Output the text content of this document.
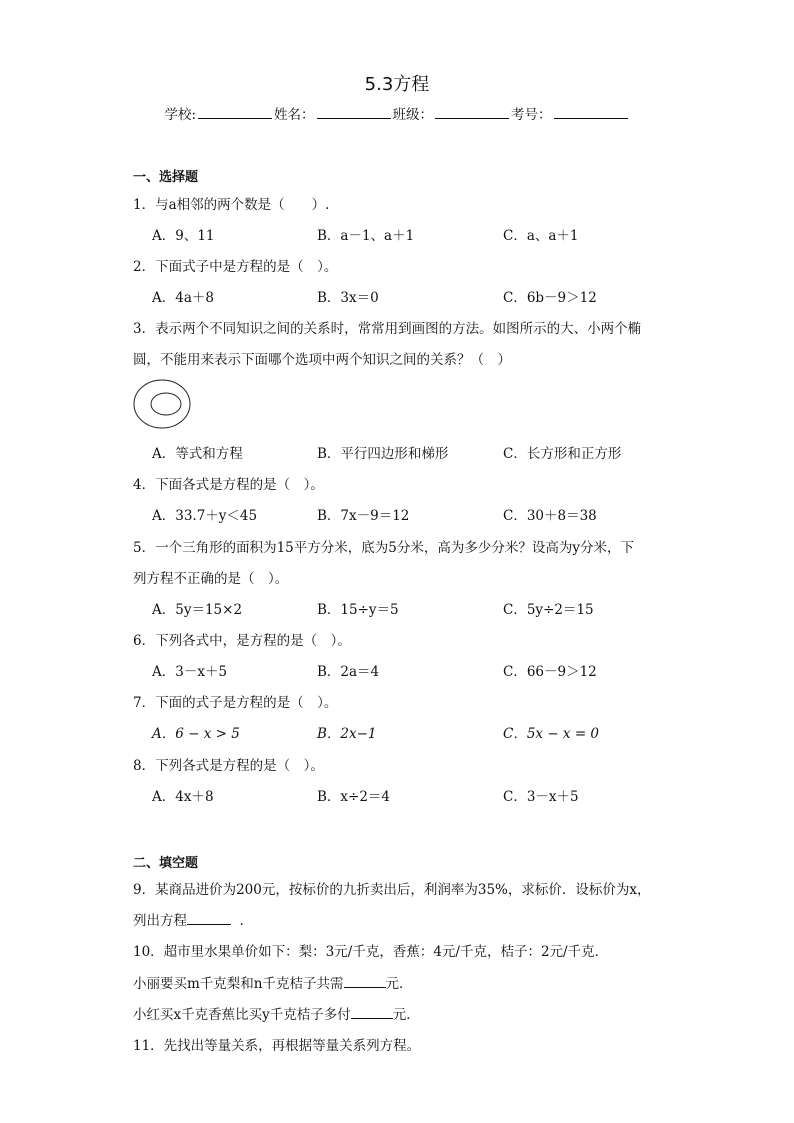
5.3方程
学校:	姓名：	班级：	考号：
一、选择题
1．与a相邻的两个数是（　　）.
A．9、11	B．a－1、a＋1	C．a、a＋1
2．下面式子中是方程的是（　）。
A．4a＋8	B．3x＝0	C．6b－9＞12
3．表示两个不同知识之间的关系时，常常用到画图的方法。如图所示的大、小两个椭
圆，不能用来表示下面哪个选项中两个知识之间的关系？（　）
A．等式和方程	B．平行四边形和梯形	C．长方形和正方形
4．下面各式是方程的是（　）。
A．33.7＋y＜45	B．7x－9＝12	C．30＋8＝38
5．一个三角形的面积为15平方分米，底为5分米，高为多少分米？设高为y分米，下
列方程不正确的是（　）。
A．5y＝15×2	B．15÷y＝5	C．5y÷2＝15
6．下列各式中，是方程的是（　）。
A．3－x＋5	B．2a＝4	C．66－9＞12
7．下面的式子是方程的是（　）。
A．6 − x > 5	B．2x−1	C．5x − x = 0
8．下列各式是方程的是（　）。
A．4x＋8	B．x÷2＝4	C．3－x＋5
二、填空题
9．某商品进价为200元，按标价的九折卖出后，利润率为35%，求标价．设标价为x，
列出方程	．
10．超市里水果单价如下：梨：3元/千克，香蕉：4元/千克，桔子：2元/千克．
小丽要买m千克梨和n千克桔子共需	元．
小红买x千克香蕉比买y千克桔子多付	元．
11．先找出等量关系，再根据等量关系列方程。
